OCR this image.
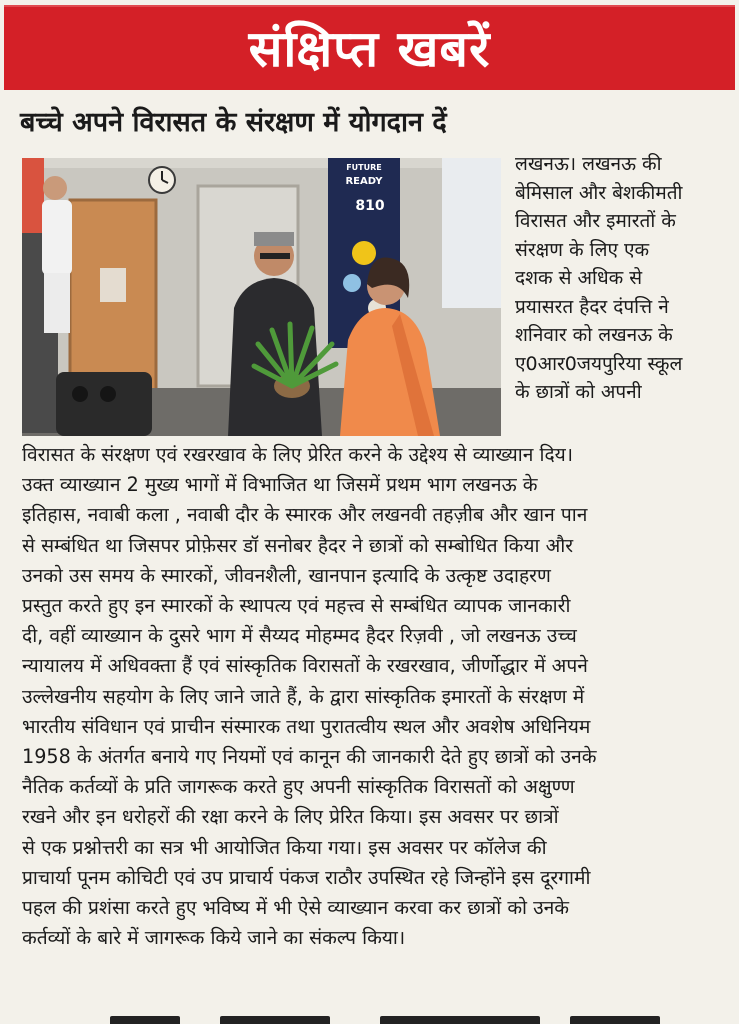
संक्षिप्त खबरें
बच्चे अपने विरासत के संरक्षण में योगदान दें
FUTURE
READY
810
लखनऊ। लखनऊ की
बेमिसाल और बेशकीमती
विरासत और इमारतों के
संरक्षण के लिए एक
दशक से अधिक से
प्रयासरत हैदर दंपत्ति ने
शनिवार को लखनऊ के
ए0आर0जयपुरिया स्कूल
के छात्रों को अपनी
विरासत के संरक्षण एवं रखरखाव के लिए प्रेरित करने के उद्देश्य से व्याख्यान दिय।
उक्त व्याख्यान 2 मुख्य भागों में विभाजित था जिसमें प्रथम भाग लखनऊ के
इतिहास, नवाबी कला , नवाबी दौर के स्मारक और लखनवी तहज़ीब और खान पान
से सम्बंधित था जिसपर प्रोफ़ेसर डॉ सनोबर हैदर ने छात्रों को सम्बोधित किया और
उनको उस समय के स्मारकों, जीवनशैली, खानपान इत्यादि के उत्कृष्ट उदाहरण
प्रस्तुत करते हुए इन स्मारकों के स्थापत्य एवं महत्त्व से सम्बंधित व्यापक जानकारी
दी, वहीं व्याख्यान के दुसरे भाग में सैय्यद मोहम्मद हैदर रिज़वी , जो लखनऊ उच्च
न्यायालय में अधिवक्ता हैं एवं सांस्कृतिक विरासतों के रखरखाव, जीर्णोद्धार में अपने
उल्लेखनीय सहयोग के लिए जाने जाते हैं, के द्वारा सांस्कृतिक इमारतों के संरक्षण में
भारतीय संविधान एवं प्राचीन संस्मारक तथा पुरातत्वीय स्थल और अवशेष अधिनियम
1958 के अंतर्गत बनाये गए नियमों एवं कानून की जानकारी देते हुए छात्रों को उनके
नैतिक कर्तव्यों के प्रति जागरूक करते हुए अपनी सांस्कृतिक विरासतों को अक्षुण्ण
रखने और इन धरोहरों की रक्षा करने के लिए प्रेरित किया। इस अवसर पर छात्रों
से एक प्रश्नोत्तरी का सत्र भी आयोजित किया गया। इस अवसर पर कॉलेज की
प्राचार्या पूनम कोचिटी एवं उप प्राचार्य पंकज राठौर उपस्थित रहे जिन्होंने इस दूरगामी
पहल की प्रशंसा करते हुए भविष्य में भी ऐसे व्याख्यान करवा कर छात्रों को उनके
कर्तव्यों के बारे में जागरूक किये जाने का संकल्प किया।
